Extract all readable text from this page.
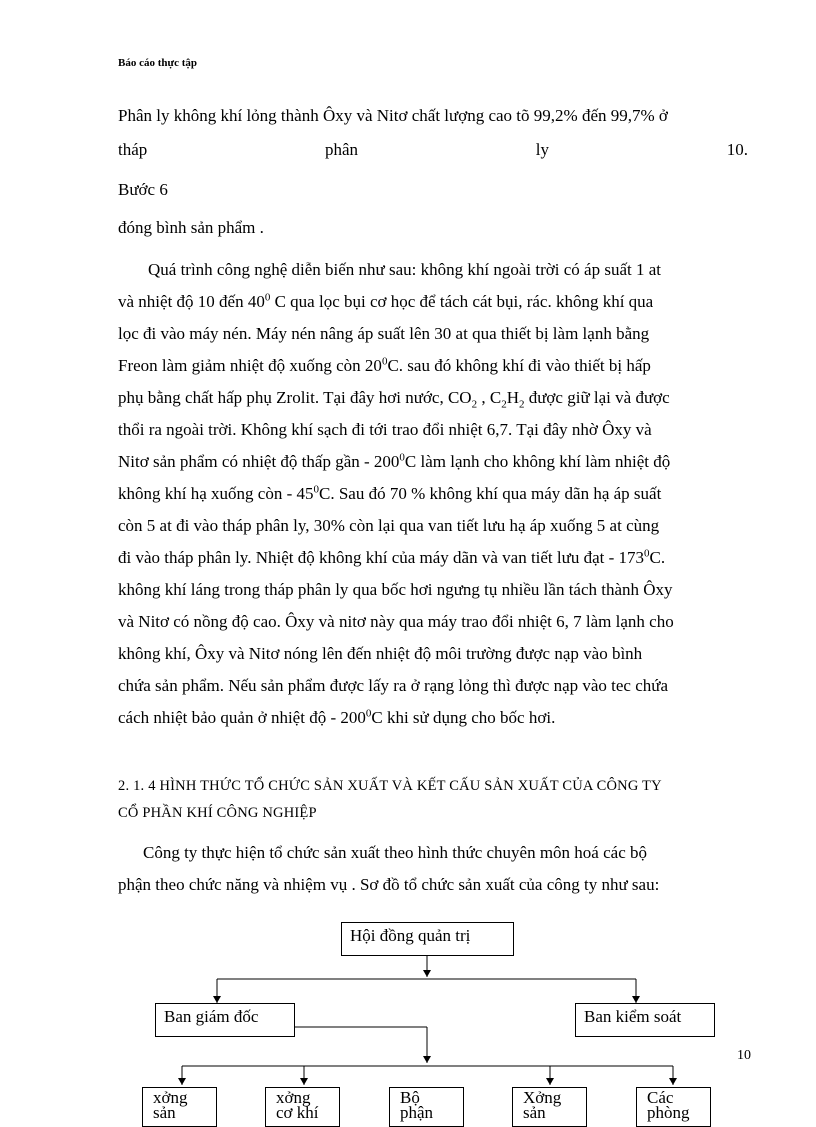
Báo cáo thực tập
Phân ly không khí lỏng thành Ôxy và Nitơ chất lượng cao tõ 99,2% đến 99,7% ở
tháp	phân	ly	10.
Bước 6
đóng bình sản phẩm .
Quá trình công nghệ diễn biến như sau: không khí ngoài trời có áp suất 1 at
và nhiệt độ 10 đến $40^0$ C qua lọc bụi cơ học để tách cát bụi, rác. không khí qua
lọc đi vào máy nén. Máy nén nâng áp suất lên 30 at qua thiết bị làm lạnh bằng
Freon làm giảm nhiệt độ xuống còn $20^0C$. sau đó không khí đi vào thiết bị hấp
phụ bằng chất hấp phụ Zrolit. Tại đây hơi nước, $CO_2$ , $C_2H_2$ được giữ lại và được
thổi ra ngoài trời. Không khí sạch đi tới trao đổi nhiệt 6,7. Tại đây nhờ Ôxy và
Nitơ sản phẩm có nhiệt độ thấp gần - $200^0C$ làm lạnh cho không khí làm nhiệt độ
không khí hạ xuống còn - $45^0C$. Sau đó 70 % không khí qua máy dãn hạ áp suất
còn 5 at đi vào tháp phân ly, 30% còn lại qua van tiết lưu hạ áp xuống 5 at cùng
đi vào tháp phân ly. Nhiệt độ không khí của máy dãn và van tiết lưu đạt - $173^0C$.
không khí láng trong tháp phân ly qua bốc hơi ngưng tụ nhiều lần tách thành Ôxy
và Nitơ có nồng độ cao. Ôxy và nitơ này qua máy trao đổi nhiệt 6, 7 làm lạnh cho
không khí, Ôxy và Nitơ nóng lên đến nhiệt độ môi trường được nạp vào bình
chứa sản phẩm. Nếu sản phẩm được lấy ra ở rạng lỏng thì được nạp vào tec chứa
cách nhiệt bảo quản ở nhiệt độ - $200^0C$ khi sử dụng cho bốc hơi.
2. 1. 4 HÌNH THỨC TỔ CHỨC SẢN XUẤT VÀ KẾT CẤU SẢN XUẤT CỦA CÔNG TY
CỔ PHẦN KHÍ CÔNG NGHIỆP
Công ty thực hiện tổ chức sản xuất theo hình thức chuyên môn hoá các bộ
phận theo chức năng và nhiệm vụ . Sơ đồ tổ chức sản xuất của công ty như sau:
Hội đồng quản trị
Ban giám đốc	Ban kiểm soát
xởng
sản
xởng
cơ khí
Bộ
phận
Xởng
sản
Các
phòng
10
